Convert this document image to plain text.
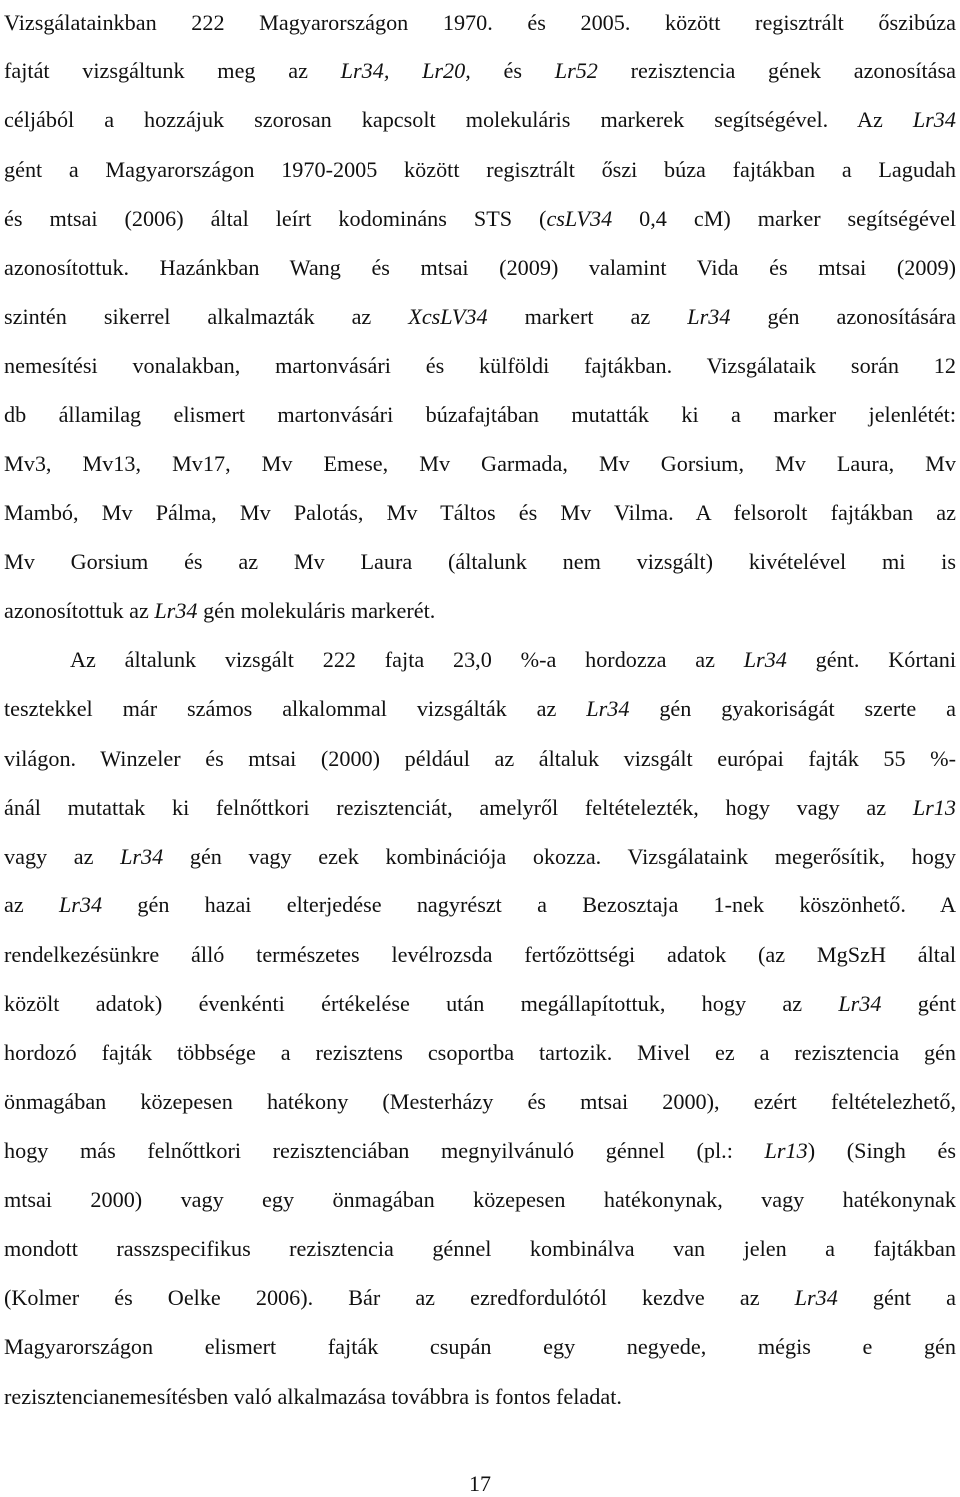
Vizsgálatainkban 222 Magyarországon 1970. és 2005. között regisztrált őszibúza
fajtát vizsgáltunk meg az Lr34, Lr20, és Lr52 rezisztencia gének azonosítása
céljából a hozzájuk szorosan kapcsolt molekuláris markerek segítségével. Az Lr34
gént a Magyarországon 1970-2005 között regisztrált őszi búza fajtákban a Lagudah
és mtsai (2006) által leírt kodomináns STS (csLV34 0,4 cM) marker segítségével
azonosítottuk. Hazánkban Wang és mtsai (2009) valamint Vida és mtsai (2009)
szintén sikerrel alkalmazták az XcsLV34 markert az Lr34 gén azonosítására
nemesítési vonalakban, martonvásári és külföldi fajtákban. Vizsgálataik során 12
db államilag elismert martonvásári búzafajtában mutatták ki a marker jelenlétét:
Mv3, Mv13, Mv17, Mv Emese, Mv Garmada, Mv Gorsium, Mv Laura, Mv
Mambó, Mv Pálma, Mv Palotás, Mv Táltos és Mv Vilma. A felsorolt fajtákban az
Mv Gorsium és az Mv Laura (általunk nem vizsgált) kivételével mi is
azonosítottuk az Lr34 gén molekuláris markerét.
Az általunk vizsgált 222 fajta 23,0 %-a hordozza az Lr34 gént. Kórtani
tesztekkel már számos alkalommal vizsgálták az Lr34 gén gyakoriságát szerte a
világon. Winzeler és mtsai (2000) például az általuk vizsgált európai fajták 55 %-
ánál mutattak ki felnőttkori rezisztenciát, amelyről feltételezték, hogy vagy az Lr13
vagy az Lr34 gén vagy ezek kombinációja okozza. Vizsgálataink megerősítik, hogy
az Lr34 gén hazai elterjedése nagyrészt a Bezosztaja 1-nek köszönhető. A
rendelkezésünkre álló természetes levélrozsda fertőzöttségi adatok (az MgSzH által
közölt adatok) évenkénti értékelése után megállapítottuk, hogy az Lr34 gént
hordozó fajták többsége a rezisztens csoportba tartozik. Mivel ez a rezisztencia gén
önmagában közepesen hatékony (Mesterházy és mtsai 2000), ezért feltételezhető,
hogy más felnőttkori rezisztenciában megnyilvánuló génnel (pl.: Lr13) (Singh és
mtsai 2000) vagy egy önmagában közepesen hatékonynak, vagy hatékonynak
mondott rasszspecifikus rezisztencia génnel kombinálva van jelen a fajtákban
(Kolmer és Oelke 2006). Bár az ezredfordulótól kezdve az Lr34 gént a
Magyarországon elismert fajták csupán egy negyede, mégis e gén
rezisztencianemesítésben való alkalmazása továbbra is fontos feladat.
17
